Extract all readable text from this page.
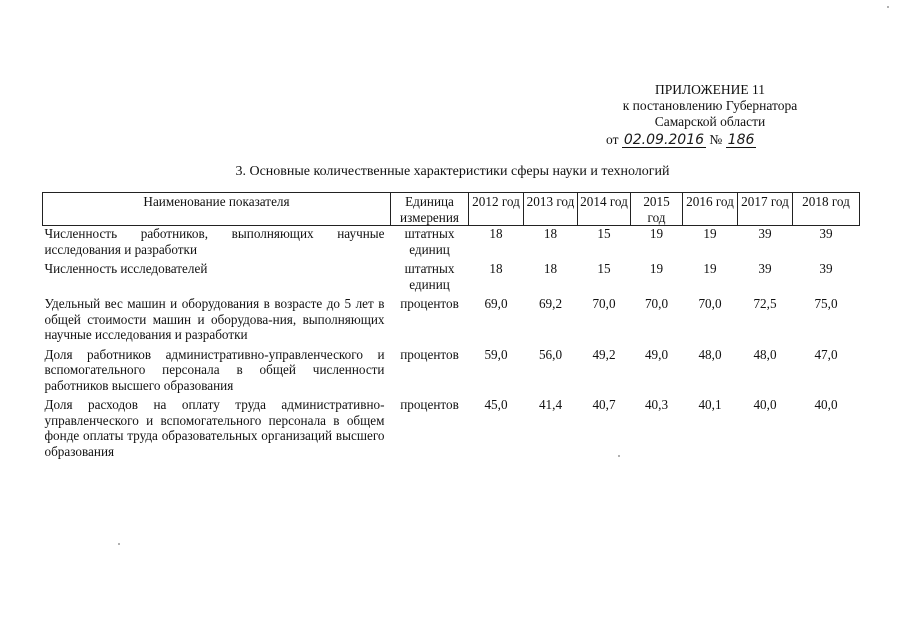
ПРИЛОЖЕНИЕ 11
к постановлению Губернатора
Самарской области
от 02.09.2016 № 186
3. Основные количественные характеристики сферы науки и технологий
Наименование показателя	Единица измерения	2012 год	2013 год	2014 год	2015 год	2016 год	2017 год	2018 год
Численность работников, выполняющих научные исследования и разработки	штатных единиц	18	18	15	19	19	39	39
Численность исследователей	штатных единиц	18	18	15	19	19	39	39
Удельный вес машин и оборудования в возрасте до 5 лет в общей стоимости машин и оборудова-ния, выполняющих научные исследования и разработки	процентов	69,0	69,2	70,0	70,0	70,0	72,5	75,0
Доля работников административно-управленческого и вспомогательного персонала в общей численности работников высшего образования	процентов	59,0	56,0	49,2	49,0	48,0	48,0	47,0
Доля расходов на оплату труда административно-управленческого и вспомогательного персонала в общем фонде оплаты труда образовательных организаций высшего образования	процентов	45,0	41,4	40,7	40,3	40,1	40,0	40,0
